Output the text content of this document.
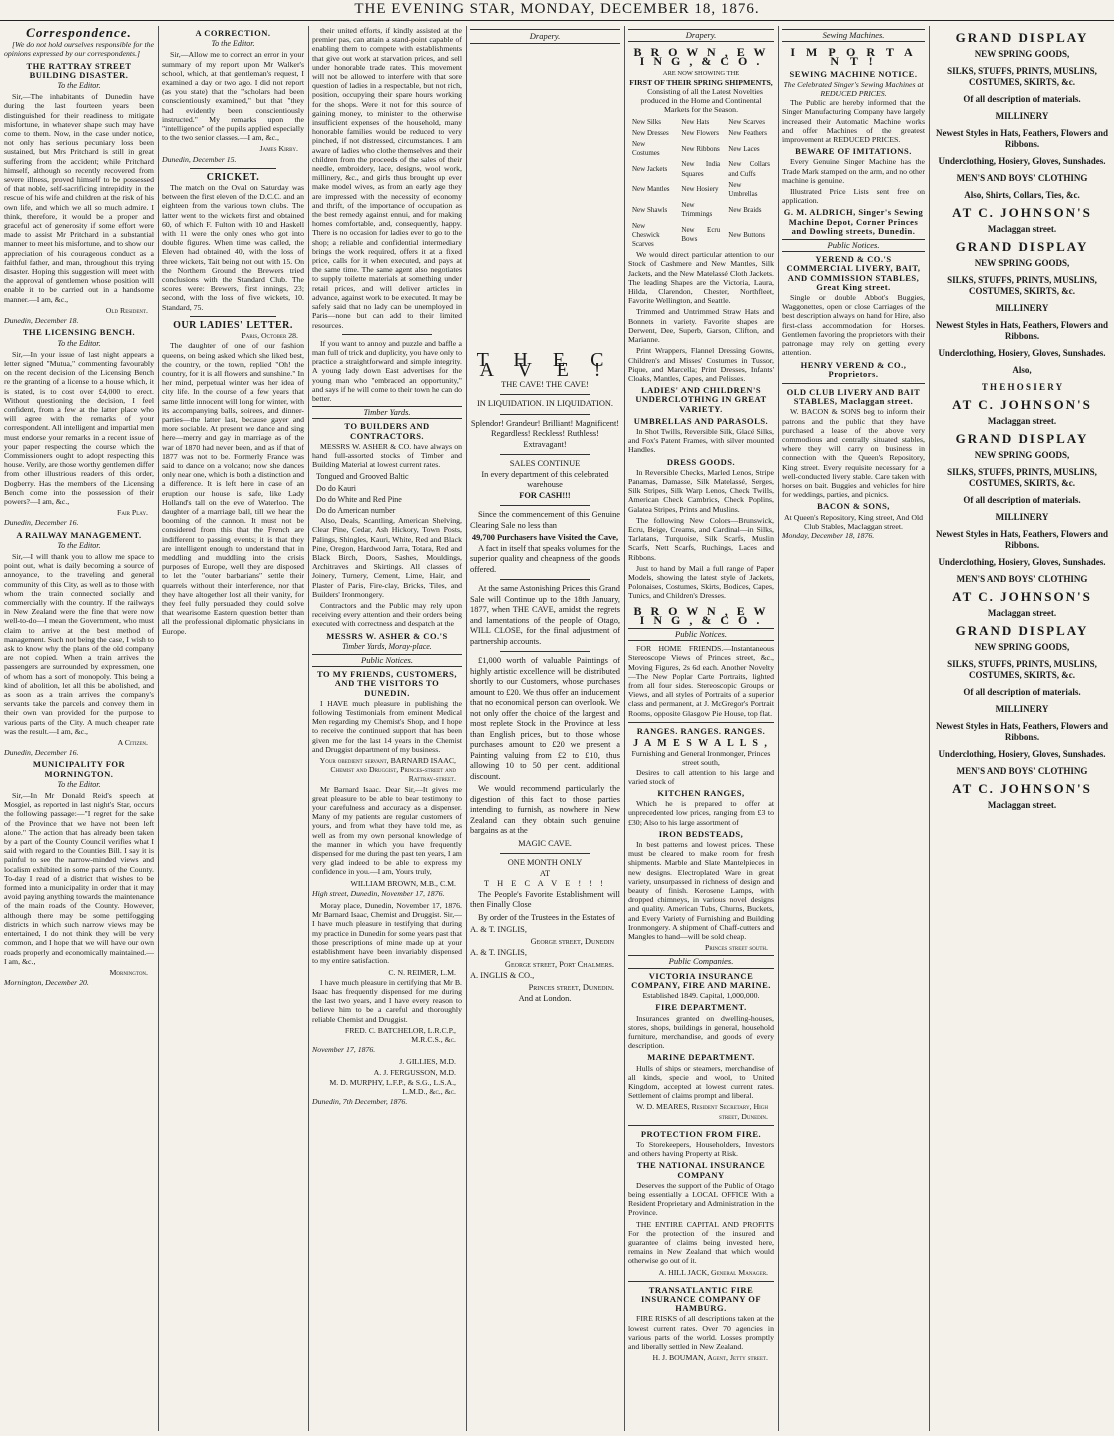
THE EVENING STAR, MONDAY, DECEMBER 18, 1876.
Correspondence.

[We do not hold ourselves responsible for the opinions expressed by our correspondents.]

THE RATTRAY STREET BUILDING DISASTER.
To the Editor.

Sir,—The inhabitants of Dunedin have during the last fourteen years been distinguished for their readiness to mitigate misfortune, in whatever shape such may have come to them. Now, in the case under notice, not only has serious pecuniary loss been sustained, but Mrs Pritchard is still in great suffering from the accident; while Pritchard himself, although so recently recovered from severe illness, proved himself to be possessed of that noble, self-sacrificing intrepidity in the rescue of his wife and children at the risk of his own life, and which we all so much admire. I think, therefore, it would be a proper and graceful act of generosity if some effort were made to assist Mr Pritchard in a substantial manner to meet his misfortune, and to show our appreciation of his courageous conduct as a faithful father, and man, throughout this trying disaster. Hoping this suggestion will meet with the approval of gentlemen whose position will enable it to be carried out in a handsome manner.—I am, &c.,

Old Resident.
Dunedin, December 18.
THE LICENSING BENCH.
To the Editor.

Sir,—In your issue of last night appears a letter signed "Mutua," commenting favourably on the recent decision of the Licensing Bench re the granting of a license to a house which, it is stated, is to cost over £4,000 to erect. Without questioning the decision, I feel confident, from a few at the latter place who will agree with the remarks of your correspondent. All intelligent and impartial men must endorse your remarks in a recent issue of your paper respecting the course which the Commissioners ought to adopt respecting this house. Verily, are those worthy gentlemen differ from other illustrious readers of this order, Dogberry. Has the members of the Licensing Bench come into the possession of their powers?—I am, &c.,

Fair Play.
Dunedin, December 16.
A RAILWAY MANAGEMENT.
To the Editor.

Sir,—I will thank you to allow me space to point out, what is daily becoming a source of annoyance, to the traveling and general community of this City, as well as to those with whom the train connected socially and commercially with the country. If the railways in New Zealand were the fine that were now well-to-do—I mean the Government, who must claim to arrive at the best method of management. Such not being the case, I wish to ask to know why the plans of the old company are not copied. When a train arrives the passengers are surrounded by expressmen, one of whom has a sort of monopoly. This being a kind of abolition, let all this be abolished, and as soon as a train arrives the company's servants take the parcels and convey them in their own van provided for the purpose to various parts of the City. A much cheaper rate was the result.—I am, &c.,

A Citizen.
Dunedin, December 16.
MUNICIPALITY FOR MORNINGTON.
To the Editor.

Sir,—In Mr Donald Reid's speech at Mosgiel, as reported in last night's Star, occurs the following passage:—"I regret for the sake of the Province that we have not been left alone." The action that has already been taken by a part of the County Council verifies what I said with regard to the Counties Bill. I say it is painful to see the narrow-minded views and localism exhibited in some parts of the County. To-day I read of a district that wishes to be formed into a municipality in order that it may avoid paying anything towards the maintenance of the main roads of the County. However, although there may be some pettifogging districts in which such narrow views may be entertained, I do not think they will be very common, and I hope that we will have our own roads properly and economically maintained.—I am, &c.,

Mornington.
Mornington, December 20.
A CORRECTION.
To the Editor.

Sir,—Allow me to correct an error in your summary of my report upon Mr Walker's school, which, at that gentleman's request, I examined a day or two ago. I did not report (as you state) that the "scholars had been conscientiously examined," but that "they had evidently been conscientiously instructed." My remarks upon the "intelligence" of the pupils applied especially to the two senior classes.—I am, &c.,

James Kirby.
Dunedin, December 15.
CRICKET.

The match on the Oval on Saturday was between the first eleven of the D.C.C. and an eighteen from the various town clubs. The latter went to the wickets first and obtained 60, of which F. Fulton with 10 and Haskell with 11 were the only ones who got into double figures. When time was called, the Eleven had obtained 40, with the loss of three wickets, Tait being not out with 15. On the Northern Ground the Brewers tried conclusions with the Standard Club. The scores were: Brewers, first innings, 23; second, with the loss of five wickets, 10. Standard, 75.

OUR LADIES' LETTER.
Paris, October 28.

The daughter of one of our fashion queens, on being asked which she liked best, the country, or the town, replied "Oh! the country, for it is all flowers and sunshine." In her mind, perpetual winter was her idea of city life. In the course of a few years that same little innocent will long for winter, with its accompanying balls, soirees, and dinner-parties—the latter last, because gayer and more sociable. At present we dance and sing here—merry and gay in marriage as of the war of 1870 had never been, and as if that of 1877 was not to be. Formerly France was said to dance on a volcano; now she dances only near one, which is both a distinction and a difference. It is left here in case of an eruption our house is safe, like Lady Holland's tall on the eve of Waterloo. The daughter of a marriage ball, till we hear the booming of the cannon. It must not be considered from this that the French are indifferent to passing events; it is that they are intelligent enough to understand that in meddling and muddling into the crisis purposes of Europe, well they are disposed to let the "outer barbarians" settle their quarrels without their interference, nor that they have altogether lost all their vanity, for they feel fully persuaded they could solve that wearisome Eastern question better than all the professional diplomatic physicians in Europe.

their united efforts, if kindly assisted at the premier pas, can attain a stand-point capable of enabling them to compete with establishments that give out work at starvation prices, and sell under honorable trade rates. This movement will not be allowed to interfere with that sore question of ladies in a respectable, but not rich, position, occupying their spare hours working for the shops. Were it not for this source of gaining money, to minister to the otherwise insufficient expenses of the household, many honorable families would be reduced to very pinched, if not distressed, circumstances. I am aware of ladies who clothe themselves and their children from the proceeds of the sales of their needle, embroidery, lace, designs, wool work, millinery, &c., and girls thus brought up ever make model wives, as from an early age they are impressed with the necessity of economy and thrift, of the importance of occupation as the best remedy against ennui, and for making homes comfortable, and, consequently, happy. There is no occasion for ladies ever to go to the shop; a reliable and confidential intermediary brings the work required, offers it at a fixed price, calls for it when executed, and pays at the same time. The same agent also negotiates to supply toilette materials at something under retail prices, and will deliver articles in advance, against work to be executed. It may be safely said that no lady can be unemployed in Paris—none but can add to their limited resources.

If you want to annoy and puzzle and baffle a man full of trick and duplicity, you have only to practice a straightforward and simple integrity. A young lady down East advertises for the young man who "embraced an opportunity," and says if he will come to their town he can do better.

Timber Yards.
TO BUILDERS AND CONTRACTORS.

MESSRS W. ASHER & CO. have always on hand full-assorted stocks of Timber and Building Material at lowest current rates.

Tongued and Grooved Baltic
Do do Kauri
Do do White and Red Pine
Do do American number

Also, Deals, Scantling, American Shelving, Clear Pine, Cedar, Ash Hickory, Town Posts, Palings, Shingles, Kauri, White, Red and Black Pine, Oregon, Hardwood Jarra, Totara, Red and Black Birch, Doors, Sashes, Mouldings, Architraves and Skirtings. All classes of Joinery, Turnery, Cement, Lime, Hair, and Plaster of Paris, Fire-clay, Bricks, Tiles, and Builders' Ironmongery.

Contractors and the Public may rely upon receiving every attention and their orders being executed with correctness and despatch at the

MESSRS W. ASHER & CO.'S
Timber Yards, Moray-place.
Public Notices.
TO MY FRIENDS, CUSTOMERS, AND THE VISITORS TO DUNEDIN.

I HAVE much pleasure in publishing the following Testimonials from eminent Medical Men regarding my Chemist's Shop, and I hope to receive the continued support that has been given me for the last 14 years in the Chemist and Druggist department of my business.

Your obedient servant, BARNARD ISAAC, Chemist and Druggist, Princes-street and Rattray-street.

Mr Barnard Isaac. Dear Sir,—It gives me great pleasure to be able to bear testimony to your carefulness and accuracy as a dispenser. Many of my patients are regular customers of yours, and from what they have told me, as well as from my own personal knowledge of the manner in which you have frequently dispensed for me during the past ten years, I am very glad indeed to be able to express my confidence in you.—I am, Yours truly,

WILLIAM BROWN, M.B., C.M.
High street, Dunedin, November 17, 1876.

Moray place, Dunedin, November 17, 1876. Mr Barnard Isaac, Chemist and Druggist. Sir,—I have much pleasure in testifying that during my practice in Dunedin for some years past that those prescriptions of mine made up at your establishment have been invariably dispensed to my entire satisfaction.

C. N. REIMER, L.M.

I have much pleasure in certifying that Mr B. Isaac has frequently dispensed for me during the last two years, and I have every reason to believe him to be a careful and thoroughly reliable Chemist and Druggist.

FRED. C. BATCHELOR, L.R.C.P., M.R.C.S., &c.
November 17, 1876.
J. GILLIES, M.D.
A. J. FERGUSSON, M.D.
M. D. MURPHY, L.F.P., & S.G., L.S.A., L.M.D., &c., &c.
Dunedin, 7th December, 1876.
Drapery.
T H E C A V E !
THE CAVE! THE CAVE!
IN LIQUIDATION. IN LIQUIDATION.
Splendor! Grandeur! Brilliant! Magnificent!
Regardless! Reckless! Ruthless! Extravagant!
SALES CONTINUE
In every department of this celebrated warehouse
FOR CASH!!!

Since the commencement of this Genuine Clearing Sale no less than

49,700 Purchasers have Visited the Cave,

A fact in itself that speaks volumes for the superior quality and cheapness of the goods offered.

At the same Astonishing Prices this Grand Sale will Continue up to the 18th January, 1877, when THE CAVE, amidst the regrets and lamentations of the people of Otago, WILL CLOSE, for the final adjustment of partnership accounts.

£1,000 worth of valuable Paintings of highly artistic excellence will be distributed shortly to our Customers, whose purchases amount to £20. We thus offer an inducement that no economical person can overlook. We not only offer the choice of the largest and most replete Stock in the Province at less than English prices, but to those whose purchases amount to £20 we present a Painting valuing from £2 to £10, thus allowing 10 to 50 per cent. additional discount.

We would recommend particularly the digestion of this fact to those parties intending to furnish, as nowhere in New Zealand can they obtain such genuine bargains as at the

MAGIC CAVE.
ONE MONTH ONLY
AT
T H E C A V E ! ! !

The People's Favorite Establishment will then Finally Close

By order of the Trustees in the Estates of

A. & T. INGLIS,
George street, Dunedin
A. & T. INGLIS,
George street, Port Chalmers.
A. INGLIS & CO.,
Princes street, Dunedin.
And at London.
Drapery.
B R O W N , E W I N G , & C O .
ARE NOW SHOWING THE
FIRST OF THEIR SPRING SHIPMENTS,

Consisting of all the Latest Novelties produced in the Home and Continental Markets for the Season.

New Silks	New Hats	New Scarves
New Dresses	New Flowers	New Feathers
New Costumes	New Ribbons	New Laces
New Jackets	New India Squares	New Collars and Cuffs
New Mantles	New Hosiery	New Umbrellas
New Shawls	New Trimmings	New Braids
New Cheswick Scarves	New Ecru Bows	New Buttons

We would direct particular attention to our Stock of Cashmere and New Mantles, Silk Jackets, and the New Matelassé Cloth Jackets. The leading Shapes are the Victoria, Laura, Hilda, Clarendon, Chester, Northfleet, Favorite Wellington, and Seattle.

Trimmed and Untrimmed Straw Hats and Bonnets in variety. Favorite shapes are Derwent, Dee, Superb, Garson, Clifton, and Marianne.

Print Wrappers, Flannel Dressing Gowns, Children's and Misses' Costumes in Tussor, Pique, and Marcella; Print Dresses, Infants' Cloaks, Mantles, Capes, and Pelisses.

LADIES' AND CHILDREN'S UNDERCLOTHING IN GREAT VARIETY.
UMBRELLAS AND PARASOLS.

In Shot Twills, Reversible Silk, Glacé Silks, and Fox's Patent Frames, with silver mounted Handles.

DRESS GOODS.

In Reversible Checks, Marled Lenos, Stripe Panamas, Damasse, Silk Matelassé, Serges, Silk Stripes, Silk Warp Lenos, Check Twills, American Check Cambrics, Check Poplins, Galatea Stripes, Prints and Muslins.

The following New Colors—Brunswick, Ecru, Beige, Creams, and Cardinal—in Silks, Tarlatans, Turquoise, Silk Scarfs, Muslin Scarfs, Nett Scarfs, Ruchings, Laces and Ribbons.

Just to hand by Mail a full range of Paper Models, showing the latest style of Jackets, Polonaises, Costumes, Skirts, Bodices, Capes, Tunics, and Children's Dresses.

B R O W N , E W I N G , & C O .
Public Notices.

FOR HOME FRIENDS.—Instantaneous Stereoscope Views of Princes street, &c., Moving Figures, 2s 6d each. Another Novelty—The New Poplar Carte Portraits, lighted from all four sides. Stereoscopic Groups or Views, and all styles of Portraits of a superior class and permanent, at J. McGregor's Portrait Rooms, opposite Glasgow Pie House, top flat.

RANGES. RANGES. RANGES.
J A M E S W A L L S ,
Furnishing and General Ironmonger, Princes street south,

Desires to call attention to his large and varied stock of

KITCHEN RANGES,

Which he is prepared to offer at unprecedented low prices, ranging from £3 to £30; Also to his large assortment of

IRON BEDSTEADS,

In best patterns and lowest prices. These must be cleared to make room for fresh shipments. Marble and Slate Mantelpieces in new designs. Electroplated Ware in great variety, unsurpassed in richness of design and beauty of finish. Kerosene Lamps, with dropped chimneys, in various novel designs and quality. American Tubs, Churns, Buckets, and Every Variety of Furnishing and Building Ironmongery. A shipment of Chaff-cutters and Mangles to hand—will be sold cheap.

Princes street south.
Public Companies.
VICTORIA INSURANCE COMPANY, FIRE AND MARINE.
Established 1849. Capital, 1,000,000.
FIRE DEPARTMENT.

Insurances granted on dwelling-houses, stores, shops, buildings in general, household furniture, merchandise, and goods of every description.

MARINE DEPARTMENT.

Hulls of ships or steamers, merchandise of all kinds, specie and wool, to United Kingdom, accepted at lowest current rates. Settlement of claims prompt and liberal.

W. D. MEARES, Resident Secretary, High street, Dunedin.
PROTECTION FROM FIRE.

To Storekeepers, Householders, Investors and others having Property at Risk.

THE NATIONAL INSURANCE COMPANY

Deserves the support of the Public of Otago being essentially a LOCAL OFFICE With a Resident Proprietary and Administration in the Province.

THE ENTIRE CAPITAL AND PROFITS For the protection of the insured and guarantee of claims being invested here, remains in New Zealand that which would otherwise go out of it.

A. HILL JACK, General Manager.
TRANSATLANTIC FIRE INSURANCE COMPANY OF HAMBURG.

FIRE RISKS of all descriptions taken at the lowest current rates. Over 70 agencies in various parts of the world. Losses promptly and liberally settled in New Zealand.

H. J. BOUMAN, Agent, Jetty street.
Sewing Machines.
I M P O R T A N T !
SEWING MACHINE NOTICE.
The Celebrated Singer's Sewing Machines at REDUCED PRICES.

The Public are hereby informed that the Singer Manufacturing Company have largely increased their Automatic Machine works and offer Machines of the greatest improvement at REDUCED PRICES.

BEWARE OF IMITATIONS.

Every Genuine Singer Machine has the Trade Mark stamped on the arm, and no other machine is genuine.

Illustrated Price Lists sent free on application.

G. M. ALDRICH, Singer's Sewing Machine Depot, Corner Princes and Dowling streets, Dunedin.
Public Notices.
YEREND & CO.'S COMMERCIAL LIVERY, BAIT, AND COMMISSION STABLES, Great King street.

Single or double Abbot's Buggies, Waggonettes, open or close Carriages of the best description always on hand for Hire, also first-class accommodation for Horses. Gentlemen favoring the proprietors with their patronage may rely on getting every attention.

HENRY VEREND & CO., Proprietors.
OLD CLUB LIVERY AND BAIT STABLES, Maclaggan street.

W. BACON & SONS beg to inform their patrons and the public that they have purchased a lease of the above very commodious and centrally situated stables, where they will carry on business in connection with the Queen's Repository, King street. Every requisite necessary for a well-conducted livery stable. Care taken with horses on bait. Buggies and vehicles for hire for weddings, parties, and picnics.

BACON & SONS,
At Queen's Repository, King street, And Old Club Stables, Maclaggan street.
Monday, December 18, 1876.
GRAND DISPLAY
NEW SPRING GOODS,
SILKS, STUFFS, PRINTS, MUSLINS, COSTUMES, SKIRTS, &c.
Of all description of materials.
MILLINERY
Newest Styles in Hats, Feathers, Flowers and Ribbons.
Underclothing, Hosiery, Gloves, Sunshades.
MEN'S AND BOYS' CLOTHING
Also, Shirts, Collars, Ties, &c.
AT C. JOHNSON'S
Maclaggan street.
GRAND DISPLAY
NEW SPRING GOODS,
SILKS, STUFFS, PRINTS, MUSLINS, COSTUMES, SKIRTS, &c.
MILLINERY
Newest Styles in Hats, Feathers, Flowers and Ribbons.
Underclothing, Hosiery, Gloves, Sunshades.
Also,
T H E H O S I E R Y
AT C. JOHNSON'S
Maclaggan street.
GRAND DISPLAY
NEW SPRING GOODS,
SILKS, STUFFS, PRINTS, MUSLINS, COSTUMES, SKIRTS, &c.
Of all description of materials.
MILLINERY
Newest Styles in Hats, Feathers, Flowers and Ribbons.
Underclothing, Hosiery, Gloves, Sunshades.
MEN'S AND BOYS' CLOTHING
AT C. JOHNSON'S
Maclaggan street.
GRAND DISPLAY
NEW SPRING GOODS,
SILKS, STUFFS, PRINTS, MUSLINS, COSTUMES, SKIRTS, &c.
Of all description of materials.
MILLINERY
Newest Styles in Hats, Feathers, Flowers and Ribbons.
Underclothing, Hosiery, Gloves, Sunshades.
MEN'S AND BOYS' CLOTHING
AT C. JOHNSON'S
Maclaggan street.
